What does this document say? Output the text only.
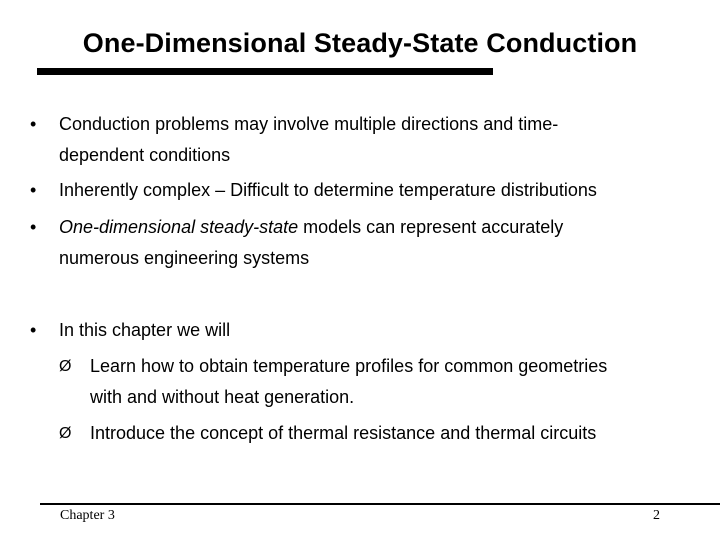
One-Dimensional Steady-State Conduction
•	Conduction problems may involve multiple directions and time-
dependent conditions
•	Inherently complex – Difficult to determine temperature distributions
•	One-dimensional steady-state models can represent accurately
numerous engineering systems
•	In this chapter we will
Ø Learn how to obtain temperature profiles for common geometries
with and without heat generation.
Ø Introduce the concept of thermal resistance and thermal circuits
Chapter 3	2
